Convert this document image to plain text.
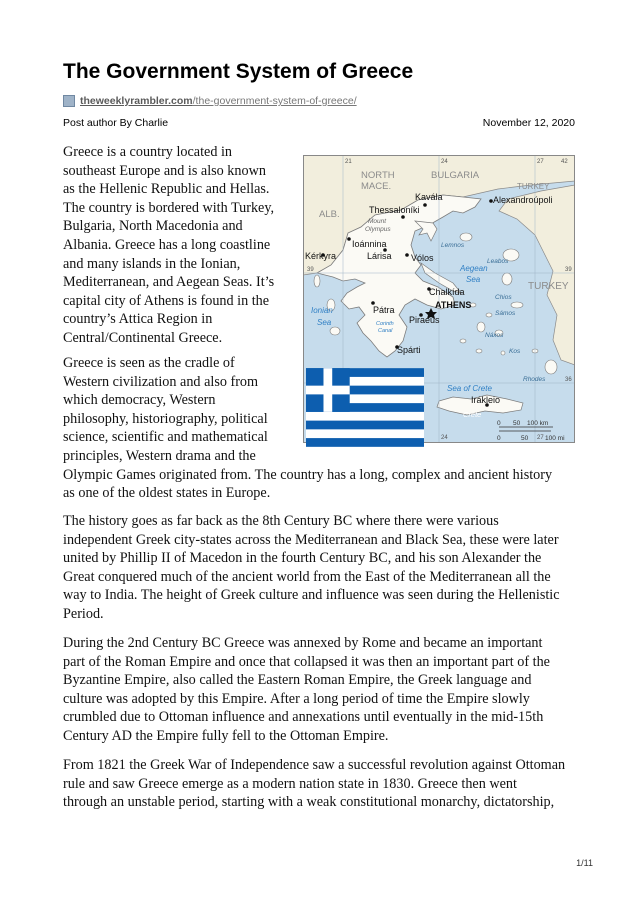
The Government System of Greece
theweeklyrambler.com /the-government-system-of-greece/
Post author By Charlie	November 12, 2020
21	24	27	42
24	27
39	39
36
NORTH
MACE.
BULGARIA
ALB.
TURKEY
TURKEY
Ionian
Sea
Aegean
Sea
Sea of Crete
Crete
Corinth
Canal
Mount
Olympus
Lemnos
Leabos
Chios
Sámos
Náxos
Kos
Rhodes
Kavála
Thessaloníki
Alexandroúpoli
Ioánnina
Lárisa Vólos
Kérkyra
Chalkída
ATHENS
Pátra
Piraeus
Spárti
Irákleio
0 50 100 km
0	50	100 mi

Greece is a country located in
southeast Europe and is also known
as the Hellenic Republic and Hellas.
The country is bordered with Turkey,
Bulgaria, North Macedonia and
Albania. Greece has a long coastline
and many islands in the Ionian,
Mediterranean, and Aegean Seas. It’s
capital city of Athens is found in the
country’s Attica Region in
Central/Continental Greece.

Greece is seen as the cradle of
Western civilization and also from
which democracy, Western
philosophy, historiography, political
science, scientific and mathematical
principles, Western drama and the
Olympic Games originated from. The country has a long, complex and ancient history
as one of the oldest states in Europe.

The history goes as far back as the 8th Century BC where there were various
independent Greek city-states across the Mediterranean and Black Sea, these were later
united by Phillip II of Macedon in the fourth Century BC, and his son Alexander the
Great conquered much of the ancient world from the East of the Mediterranean all the
way to India. The height of Greek culture and influence was seen during the Hellenistic
Period.

During the 2nd Century BC Greece was annexed by Rome and became an important
part of the Roman Empire and once that collapsed it was then an important part of the
Byzantine Empire, also called the Eastern Roman Empire, the Greek language and
culture was adopted by this Empire. After a long period of time the Empire slowly
crumbled due to Ottoman influence and annexations until eventually in the mid-15th
Century AD the Empire fully fell to the Ottoman Empire.

From 1821 the Greek War of Independence saw a successful revolution against Ottoman
rule and saw Greece emerge as a modern nation state in 1830. Greece then went
through an unstable period, starting with a weak constitutional monarchy, dictatorship,

1/11
